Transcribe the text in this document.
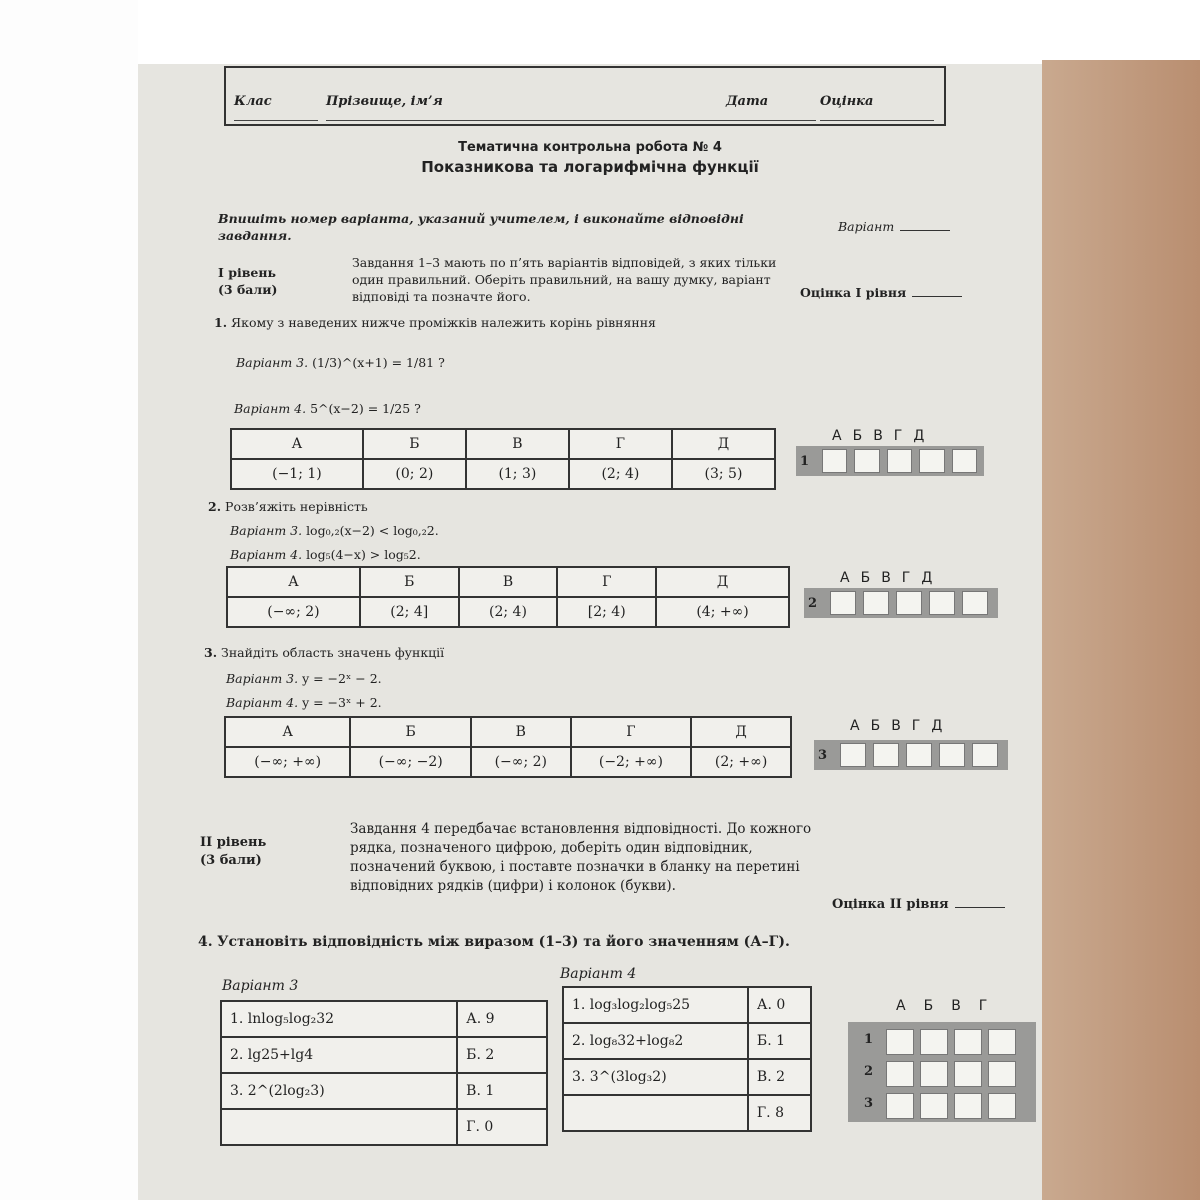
Клас	Прізвище, ім’я	Дата	Оцінка
Тематична контрольна робота № 4
Показникова та логарифмічна функції
Впишіть номер варіанта, указаний учителем, і виконайте відповідні завдання.
Варіант
І рівень
(3 бали)
Завдання 1–3 мають по п’ять варіантів відповідей, з яких тільки один правильний. Оберіть правильний, на вашу думку, варіант відповіді та позначте його.	Оцінка І рівня
1. Якому з наведених нижче проміжків належить корінь рівняння
Варіант 3. (1/3)^(x+1) = 1/81 ?
Варіант 4. 5^(x−2) = 1/25 ?
А	Б	В	Г	Д
(−1; 1)	(0; 2)	(1; 3)	(2; 4)	(3; 5)
АБВГД
1
2. Розв’яжіть нерівність
Варіант 3. log₀,₂(x−2) < log₀,₂2.
Варіант 4. log₅(4−x) > log₅2.
А	Б	В	Г	Д
(−∞; 2)	(2; 4]	(2; 4)	[2; 4)	(4; +∞)
АБВГД
2
3. Знайдіть область значень функції
Варіант 3. y = −2ˣ − 2.
Варіант 4. y = −3ˣ + 2.
А	Б	В	Г	Д
(−∞; +∞)	(−∞; −2)	(−∞; 2)	(−2; +∞)	(2; +∞)
АБВГД
3
ІІ рівень
(3 бали)
Завдання 4 передбачає встановлення відповідності. До кожного рядка, позначеного цифрою, доберіть один відповідник, позначений буквою, і поставте позначки в бланку на перетині відповідних рядків (цифри) і колонок (букви).
Оцінка ІІ рівня
4. Установіть відповідність між виразом (1–3) та його значенням (А–Г).
Варіант 3
1. lnlog₅log₂32	А. 9
2. lg25+lg4	Б. 2
3. 2^(2log₂3)	В. 1
	Г. 0
Варіант 4
1. log₃log₂log₅25	А. 0
2. log₈32+log₈2	Б. 1
3. 3^(3log₃2)	В. 2
	Г. 8
АБВГ
1
2
3
